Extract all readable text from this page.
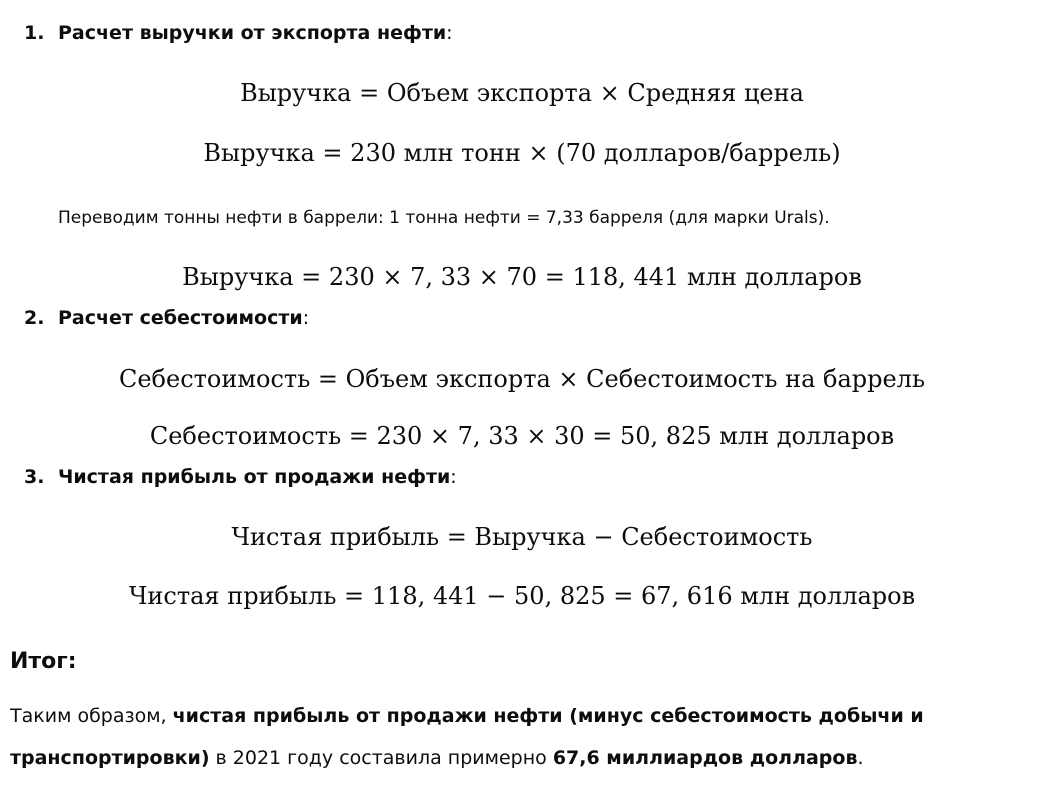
1. Расчет выручки от экспорта нефти:
Выручка = Объем экспорта × Средняя цена
Выручка = 230 млн тонн × (70 долларов/баррель)
Переводим тонны нефти в баррели: 1 тонна нефти = 7,33 барреля (для марки Urals).
Выручка = 230 × 7, 33 × 70 = 118, 441 млн долларов
2. Расчет себестоимости:
Себестоимость = Объем экспорта × Себестоимость на баррель
Себестоимость = 230 × 7, 33 × 30 = 50, 825 млн долларов
3. Чистая прибыль от продажи нефти:
Чистая прибыль = Выручка − Себестоимость
Чистая прибыль = 118, 441 − 50, 825 = 67, 616 млн долларов
Итог:
Таким образом, чистая прибыль от продажи нефти (минус себестоимость добычи и транспортировки) в 2021 году составила примерно 67,6 миллиардов долларов.
